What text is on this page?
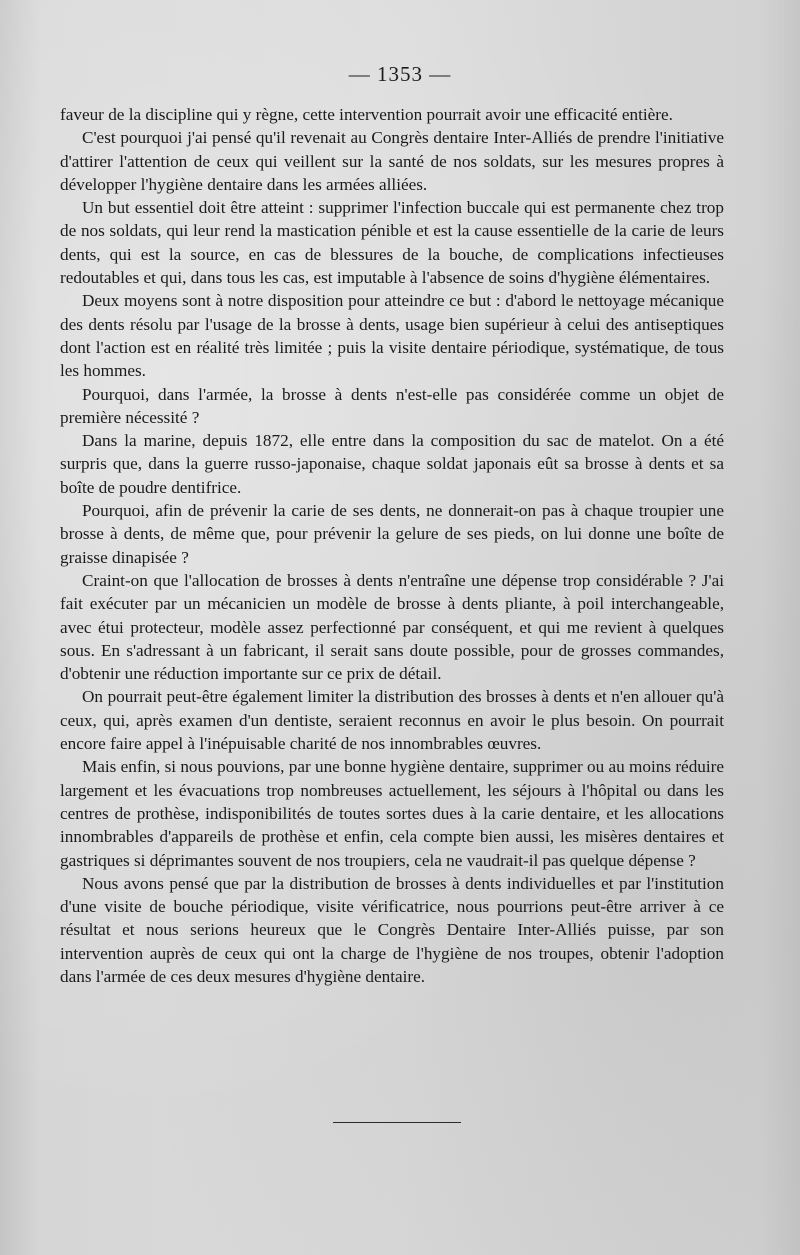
— 1353 —

faveur de la discipline qui y règne, cette intervention pourrait avoir une efficacité entière.

C'est pourquoi j'ai pensé qu'il revenait au Congrès dentaire Inter-Alliés de prendre l'initiative d'attirer l'attention de ceux qui veillent sur la santé de nos soldats, sur les mesures propres à développer l'hygiène dentaire dans les armées alliées.

Un but essentiel doit être atteint : supprimer l'infection buccale qui est permanente chez trop de nos soldats, qui leur rend la mastication pénible et est la cause essentielle de la carie de leurs dents, qui est la source, en cas de blessures de la bouche, de complications infectieuses redoutables et qui, dans tous les cas, est imputable à l'absence de soins d'hygiène élémentaires.

Deux moyens sont à notre disposition pour atteindre ce but : d'abord le nettoyage mécanique des dents résolu par l'usage de la brosse à dents, usage bien supérieur à celui des antiseptiques dont l'action est en réalité très limitée ; puis la visite dentaire périodique, systématique, de tous les hommes.

Pourquoi, dans l'armée, la brosse à dents n'est-elle pas considérée comme un objet de première nécessité ?

Dans la marine, depuis 1872, elle entre dans la composition du sac de matelot. On a été surpris que, dans la guerre russo-japonaise, chaque soldat japonais eût sa brosse à dents et sa boîte de poudre dentifrice.

Pourquoi, afin de prévenir la carie de ses dents, ne donnerait-on pas à chaque troupier une brosse à dents, de même que, pour prévenir la gelure de ses pieds, on lui donne une boîte de graisse dinapisée ?

Craint-on que l'allocation de brosses à dents n'entraîne une dépense trop considérable ? J'ai fait exécuter par un mécanicien un modèle de brosse à dents pliante, à poil interchangeable, avec étui protecteur, modèle assez perfectionné par conséquent, et qui me revient à quelques sous. En s'adressant à un fabricant, il serait sans doute possible, pour de grosses commandes, d'obtenir une réduction importante sur ce prix de détail.

On pourrait peut-être également limiter la distribution des brosses à dents et n'en allouer qu'à ceux, qui, après examen d'un dentiste, seraient reconnus en avoir le plus besoin. On pourrait encore faire appel à l'inépuisable charité de nos innombrables œuvres.

Mais enfin, si nous pouvions, par une bonne hygiène dentaire, supprimer ou au moins réduire largement et les évacuations trop nombreuses actuellement, les séjours à l'hôpital ou dans les centres de prothèse, indisponibilités de toutes sortes dues à la carie dentaire, et les allocations innombrables d'appareils de prothèse et enfin, cela compte bien aussi, les misères dentaires et gastriques si déprimantes souvent de nos troupiers, cela ne vaudrait-il pas quelque dépense ?

Nous avons pensé que par la distribution de brosses à dents individuelles et par l'institution d'une visite de bouche périodique, visite vérificatrice, nous pourrions peut-être arriver à ce résultat et nous serions heureux que le Congrès Dentaire Inter-Alliés puisse, par son intervention auprès de ceux qui ont la charge de l'hygiène de nos troupes, obtenir l'adoption dans l'armée de ces deux mesures d'hygiène dentaire.
